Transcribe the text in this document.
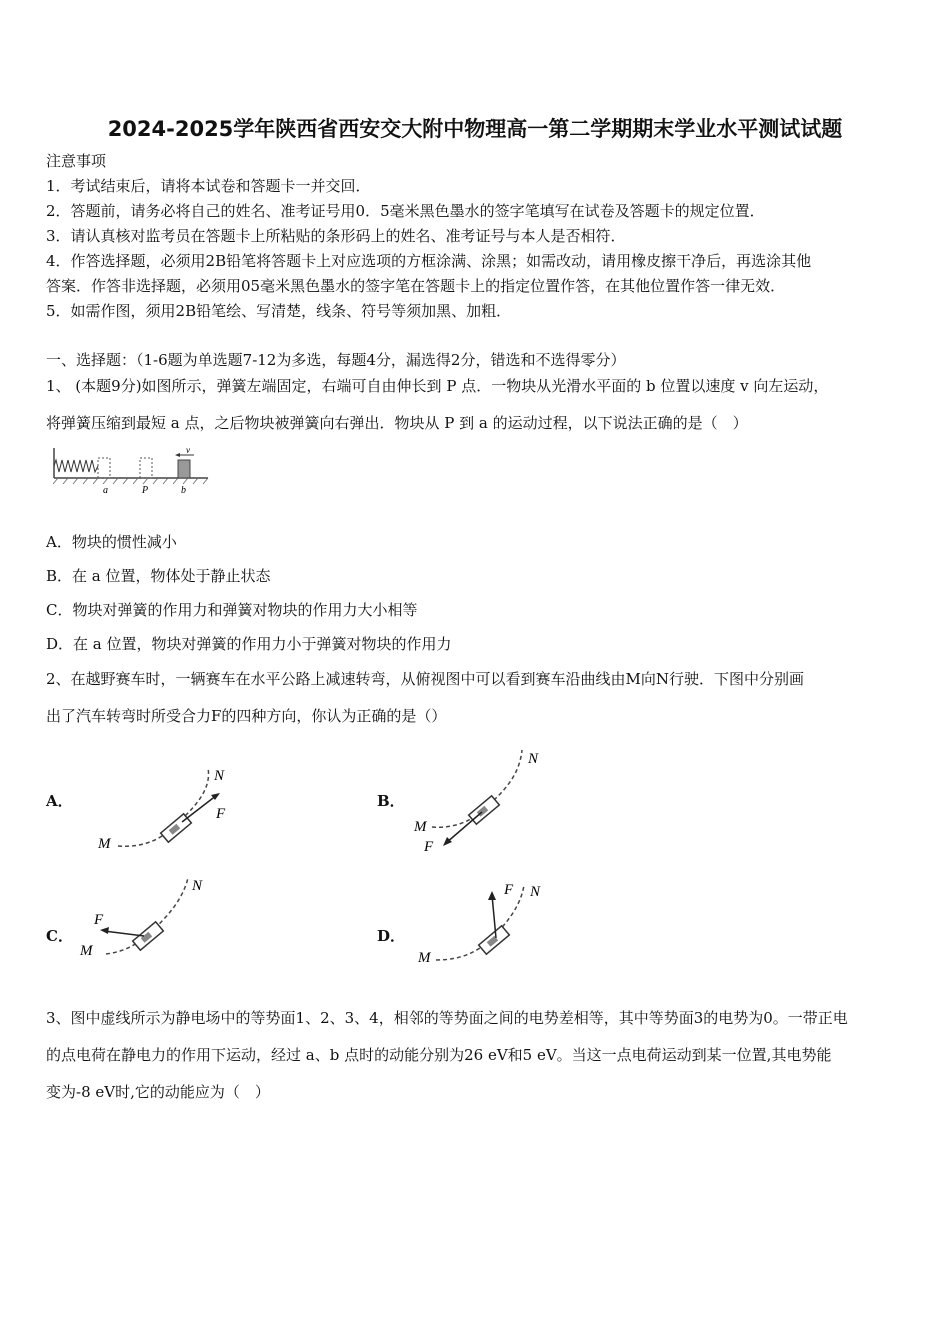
2024-2025学年陕西省西安交大附中物理高一第二学期期末学业水平测试试题
注意事项
1．考试结束后，请将本试卷和答题卡一并交回．
2．答题前，请务必将自己的姓名、准考证号用0．5毫米黑色墨水的签字笔填写在试卷及答题卡的规定位置．
3．请认真核对监考员在答题卡上所粘贴的条形码上的姓名、准考证号与本人是否相符．
4．作答选择题，必须用2B铅笔将答题卡上对应选项的方框涂满、涂黑；如需改动，请用橡皮擦干净后，再选涂其他
答案．作答非选择题，必须用05毫米黑色墨水的签字笔在答题卡上的指定位置作答，在其他位置作答一律无效．
5．如需作图，须用2B铅笔绘、写清楚，线条、符号等须加黑、加粗．
一、选择题：（1-6题为单选题7-12为多选，每题4分，漏选得2分，错选和不选得零分）
1、 (本题9分)如图所示，弹簧左端固定，右端可自由伸长到 P 点．一物块从光滑水平面的 b 位置以速度 v 向左运动，
将弹簧压缩到最短 a 点，之后物块被弹簧向右弹出．物块从 P 到 a 的运动过程，以下说法正确的是（　）
v
a	P	b
A．物块的惯性减小
B．在 a 位置，物体处于静止状态
C．物块对弹簧的作用力和弹簧对物块的作用力大小相等
D．在 a 位置，物块对弹簧的作用力小于弹簧对物块的作用力
2、在越野赛车时，一辆赛车在水平公路上减速转弯，从俯视图中可以看到赛车沿曲线由M向N行驶．下图中分别画
出了汽车转弯时所受合力F的四种方向，你认为正确的是（）
A．	B．
C．	D．
M
N
F
M
N
F
M
N
F
M
N
F
3、图中虚线所示为静电场中的等势面1、2、3、4，相邻的等势面之间的电势差相等，其中等势面3的电势为0。一带正电
的点电荷在静电力的作用下运动，经过 a、b 点时的动能分别为26 eV和5 eV。当这一点电荷运动到某一位置,其电势能
变为-8 eV时,它的动能应为（　）
